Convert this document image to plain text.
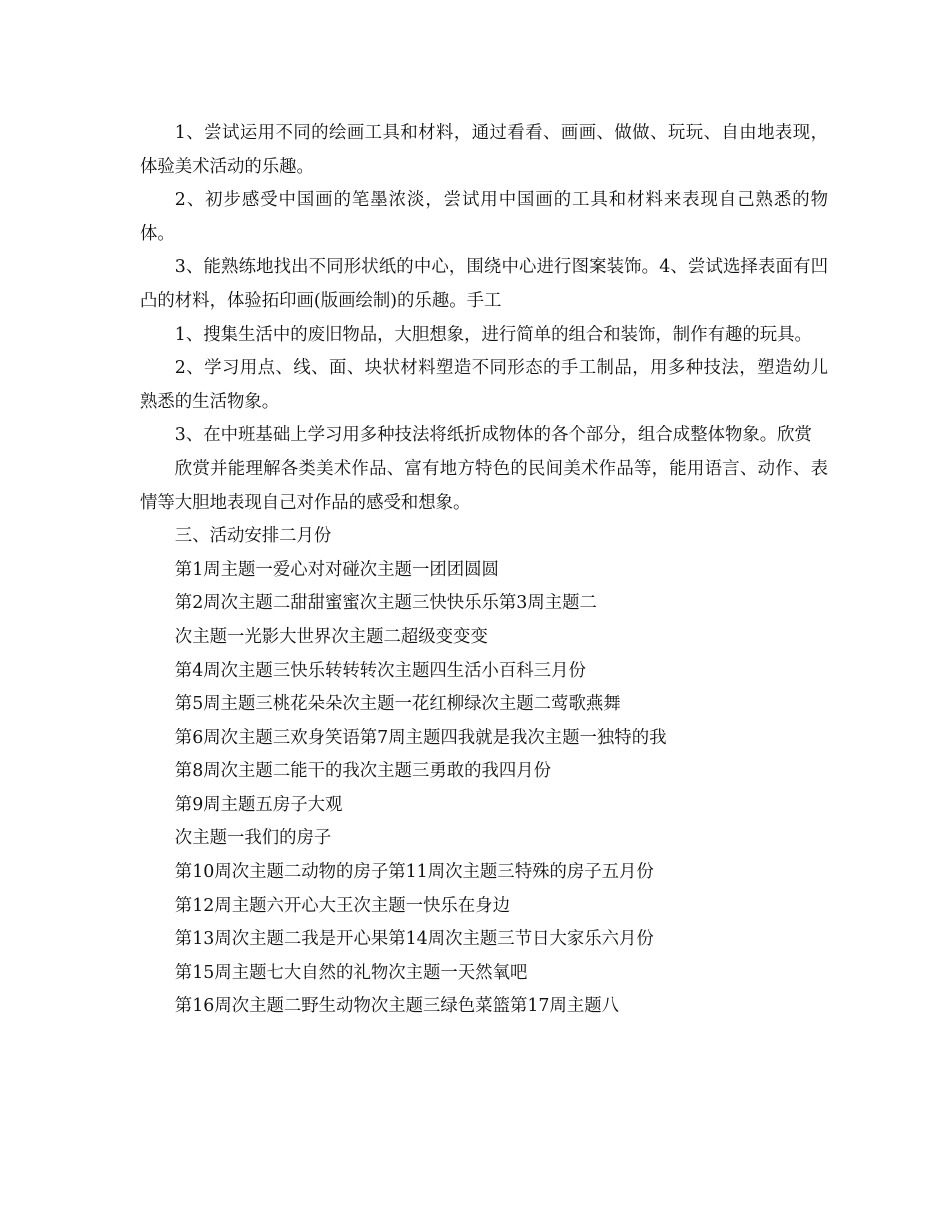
1、尝试运用不同的绘画工具和材料，通过看看、画画、做做、玩玩、自由地表现，体验美术活动的乐趣。

2、初步感受中国画的笔墨浓淡，尝试用中国画的工具和材料来表现自己熟悉的物体。

3、能熟练地找出不同形状纸的中心，围绕中心进行图案装饰。4、尝试选择表面有凹凸的材料，体验拓印画(版画绘制)的乐趣。手工

1、搜集生活中的废旧物品，大胆想象，进行简单的组合和装饰，制作有趣的玩具。

2、学习用点、线、面、块状材料塑造不同形态的手工制品，用多种技法，塑造幼儿熟悉的生活物象。

3、在中班基础上学习用多种技法将纸折成物体的各个部分，组合成整体物象。欣赏

欣赏并能理解各类美术作品、富有地方特色的民间美术作品等，能用语言、动作、表情等大胆地表现自己对作品的感受和想象。

三、活动安排二月份

第1周主题一爱心对对碰次主题一团团圆圆

第2周次主题二甜甜蜜蜜次主题三快快乐乐第3周主题二

次主题一光影大世界次主题二超级变变变

第4周次主题三快乐转转转次主题四生活小百科三月份

第5周主题三桃花朵朵次主题一花红柳绿次主题二莺歌燕舞

第6周次主题三欢身笑语第7周主题四我就是我次主题一独特的我

第8周次主题二能干的我次主题三勇敢的我四月份

第9周主题五房子大观

次主题一我们的房子

第10周次主题二动物的房子第11周次主题三特殊的房子五月份

第12周主题六开心大王次主题一快乐在身边

第13周次主题二我是开心果第14周次主题三节日大家乐六月份

第15周主题七大自然的礼物次主题一天然氧吧

第16周次主题二野生动物次主题三绿色菜篮第17周主题八
